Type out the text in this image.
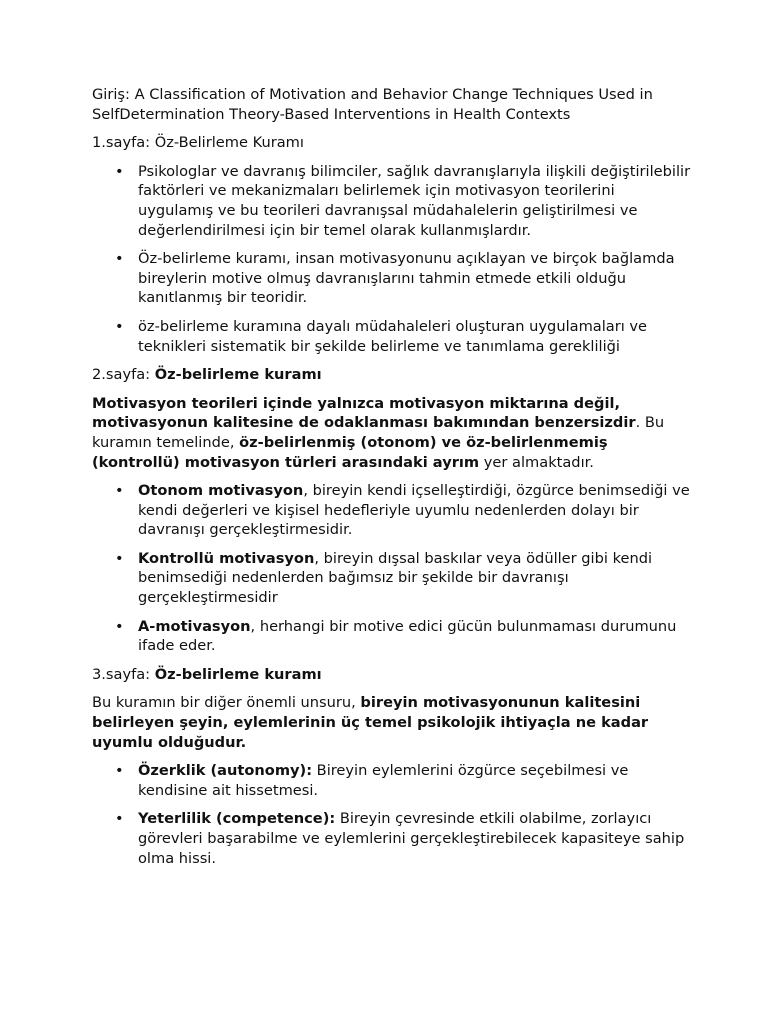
Giriş: A Classification of Motivation and Behavior Change Techniques Used in SelfDetermination Theory-Based Interventions in Health Contexts

1.sayfa: Öz-Belirleme Kuramı

• Psikologlar ve davranış bilimciler, sağlık davranışlarıyla ilişkili değiştirilebilir faktörleri ve mekanizmaları belirlemek için motivasyon teorilerini uygulamış ve bu teorileri davranışsal müdahalelerin geliştirilmesi ve değerlendirilmesi için bir temel olarak kullanmışlardır.
• Öz-belirleme kuramı, insan motivasyonunu açıklayan ve birçok bağlamda bireylerin motive olmuş davranışlarını tahmin etmede etkili olduğu kanıtlanmış bir teoridir.
• öz-belirleme kuramına dayalı müdahaleleri oluşturan uygulamaları ve teknikleri sistematik bir şekilde belirleme ve tanımlama gerekliliği

2.sayfa: Öz-belirleme kuramı

Motivasyon teorileri içinde yalnızca motivasyon miktarına değil, motivasyonun kalitesine de odaklanması bakımından benzersizdir. Bu kuramın temelinde, öz-belirlenmiş (otonom) ve öz-belirlenmemiş (kontrollü) motivasyon türleri arasındaki ayrım yer almaktadır.

• Otonom motivasyon, bireyin kendi içselleştirdiği, özgürce benimsediği ve kendi değerleri ve kişisel hedefleriyle uyumlu nedenlerden dolayı bir davranışı gerçekleştirmesidir.
• Kontrollü motivasyon, bireyin dışsal baskılar veya ödüller gibi kendi benimsediği nedenlerden bağımsız bir şekilde bir davranışı gerçekleştirmesidir
• A-motivasyon, herhangi bir motive edici gücün bulunmaması durumunu ifade eder.

3.sayfa: Öz-belirleme kuramı

Bu kuramın bir diğer önemli unsuru, bireyin motivasyonunun kalitesini belirleyen şeyin, eylemlerinin üç temel psikolojik ihtiyaçla ne kadar uyumlu olduğudur.

• Özerklik (autonomy): Bireyin eylemlerini özgürce seçebilmesi ve kendisine ait hissetmesi.
• Yeterlilik (competence): Bireyin çevresinde etkili olabilme, zorlayıcı görevleri başarabilme ve eylemlerini gerçekleştirebilecek kapasiteye sahip olma hissi.
